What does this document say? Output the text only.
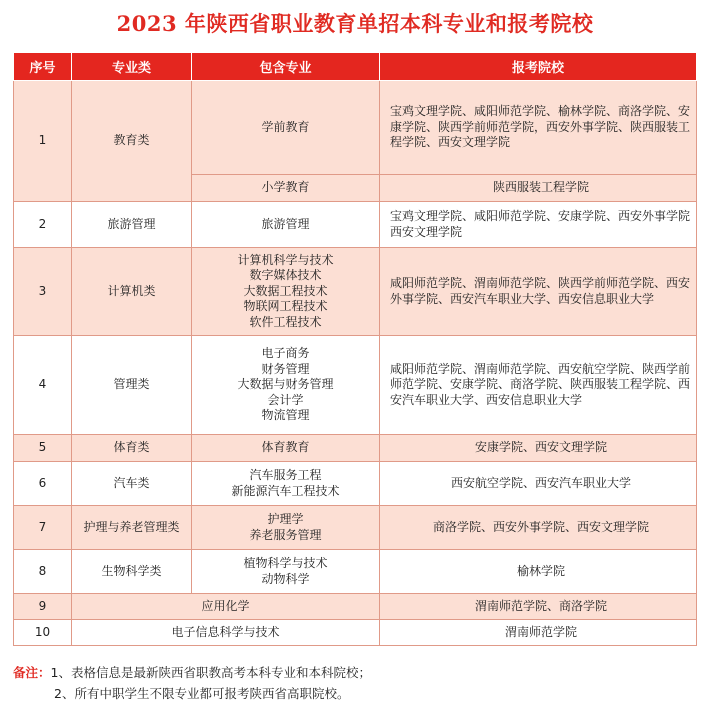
2023 年陕西省职业教育单招本科专业和报考院校
序号	专业类	包含专业	报考院校
1	教育类	学前教育	宝鸡文理学院、咸阳师范学院、榆林学院、商洛学院、安康学院、陕西学前师范学院，西安外事学院、陕西服装工程学院、西安文理学院

		小学教育	陕西服装工程学院
2	旅游管理	旅游管理	宝鸡文理学院、咸阳师范学院、安康学院、西安外事学院西安文理学院
3	计算机类	计算机科学与技术
数字媒体技术
大数据工程技术
物联网工程技术
软件工程技术	咸阳师范学院、渭南师范学院、陕西学前师范学院、西安外事学院、西安汽车职业大学、西安信息职业大学
4	管理类	电子商务
财务管理
大数据与财务管理
会计学
物流管理	咸阳师范学院、渭南师范学院、西安航空学院、陕西学前师范学院、安康学院、商洛学院、陕西服装工程学院、西安汽车职业大学、西安信息职业大学
5	体育类	体育教育	安康学院、西安文理学院
6	汽车类	汽车服务工程
新能源汽车工程技术	西安航空学院、西安汽车职业大学
7	护理与养老管理类	护理学
养老服务管理	商洛学院、西安外事学院、西安文理学院
8	生物科学类	植物科学与技术
动物科学	榆林学院
9	应用化学		渭南师范学院、商洛学院
10	电子信息科学与技术		渭南师范学院
备注：1、表格信息是最新陕西省职教高考本科专业和本科院校；
2、所有中职学生不限专业都可报考陕西省高职院校。
